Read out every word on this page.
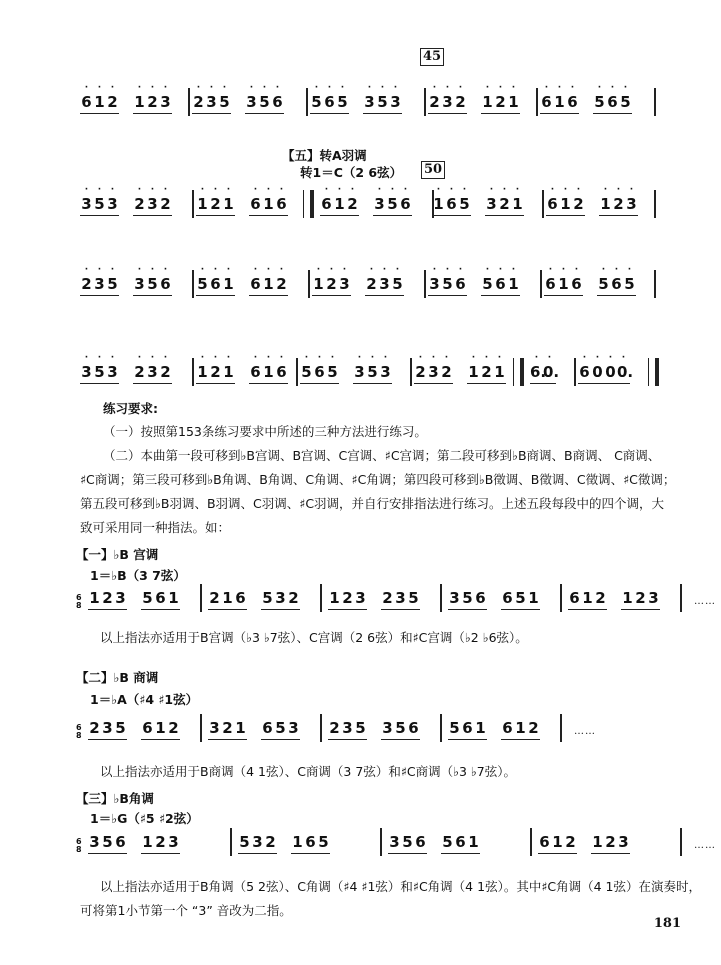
45
50
【五】转A羽调
转1＝C（2 6弦）
6
·
1
·
2
·
1
·
2
·
3
·
2
·
3
·
5
·
3
·
5
·
6
·
5
·
6
·
5
·
3
·
5
·
3
·
2
·
3
·
2
·
1
·
2
·
1
·
6
·
1
·
6
·
5
·
6
·
5
·
3
·
5
·
3
·
2
·
3
·
2
·
1
·
2
·
1
·
6
·
1
·
6
·
6
·
1
·
2
·
3
·
5
·
6
·
1
·
6
·
5
·
3
·
2
·
1
·
6
·
1
·
2
·
1
·
2
·
3
·
2
·
3
·
5
·
3
·
5
·
6
·
5
·
6
·
1
·
6
·
1
·
2
·
1
·
2
·
3
·
2
·
3
·
5
·
3
·
5
·
6
·
5
·
6
·
1
·
6
·
1
·
6
·
5
·
6
·
5
·
3
·
5
·
3
·
2
·
3
·
2
·
1
·
2
·
1
·
6
·
1
·
6
·
5
·
6
·
5
·
3
·
5
·
3
·
2
·
3
·
2
·
1
·
2
·
1
·
6.
·
0.
·
6
·
0
·
0
·
0.
·
练习要求:
（一）按照第153条练习要求中所述的三种方法进行练习。
（二）本曲第一段可移到♭B宫调、B宫调、C宫调、♯C宫调；第二段可移到♭B商调、B商调、 C商调、
♯C商调；第三段可移到♭B角调、B角调、C角调、♯C角调；第四段可移到♭B徵调、B徵调、C徵调、♯C徵调；
第五段可移到♭B羽调、B羽调、C羽调、♯C羽调，并自行安排指法进行练习。上述五段每段中的四个调，大
致可采用同一种指法。如：
【一】♭B 宫调
1＝♭B（3 7弦）
6
8 1 2 3 5 6 1 2 1 6 5 3 2 1 2 3 2 3 5 3 5 6 6 5 1 6 1 2 1 2 3	……
以上指法亦适用于B宫调（♭3 ♭7弦）、C宫调（2 6弦）和♯C宫调（♭2 ♭6弦）。
【二】♭B 商调
1＝♭A（♯4 ♯1弦）
6
8 2 3 5 6 1 2 3 2 1 6 5 3 2 3 5 3 5 6 5 6 1 6 1 2	……
以上指法亦适用于B商调（4 1弦）、C商调（3 7弦）和♯C商调（♭3 ♭7弦）。
【三】♭B角调
1＝♭G（♯5 ♯2弦）
6
8 3 5 6 1 2 3	5 3 2 1 6 5	3 5 6 5 6 1	6 1 2 1 2 3	……
以上指法亦适用于B角调（5 2弦）、C角调（♯4 ♯1弦）和♯C角调（4 1弦）。其中♯C角调（4 1弦）在演奏时，
可将第1小节第一个 “3” 音改为二指。
181
